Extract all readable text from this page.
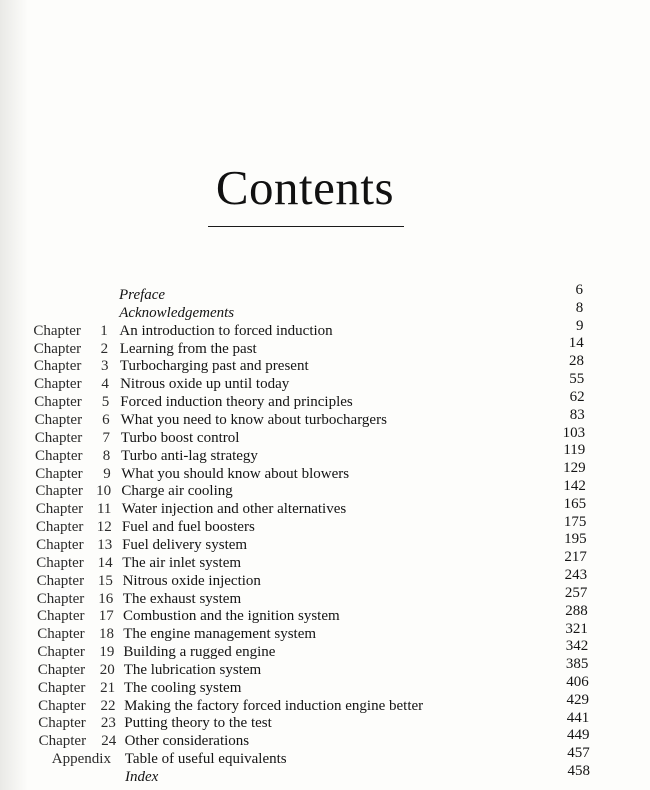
Contents
Preface	6
Acknowledgements	8
Chapter	1 An introduction to forced induction	9
Chapter	2 Learning from the past	14
Chapter	3 Turbocharging past and present	28
Chapter	4 Nitrous oxide up until today	55
Chapter	5 Forced induction theory and principles	62
Chapter	6 What you need to know about turbochargers	83
Chapter	7 Turbo boost control	103
Chapter	8 Turbo anti-lag strategy	119
Chapter	9 What you should know about blowers	129
Chapter 10 Charge air cooling	142
Chapter 11 Water injection and other alternatives	165
Chapter 12 Fuel and fuel boosters	175
Chapter 13 Fuel delivery system	195
Chapter 14 The air inlet system	217
Chapter 15 Nitrous oxide injection	243
Chapter 16 The exhaust system	257
Chapter 17 Combustion and the ignition system	288
Chapter 18 The engine management system	321
Chapter 19 Building a rugged engine	342
Chapter 20 The lubrication system	385
Chapter 21 The cooling system	406
Chapter 22 Making the factory forced induction engine better	429
Chapter	23 Putting theory to the test	441
Chapter	24 Other considerations	449
Appendix Table of useful equivalents	457
Index	458
